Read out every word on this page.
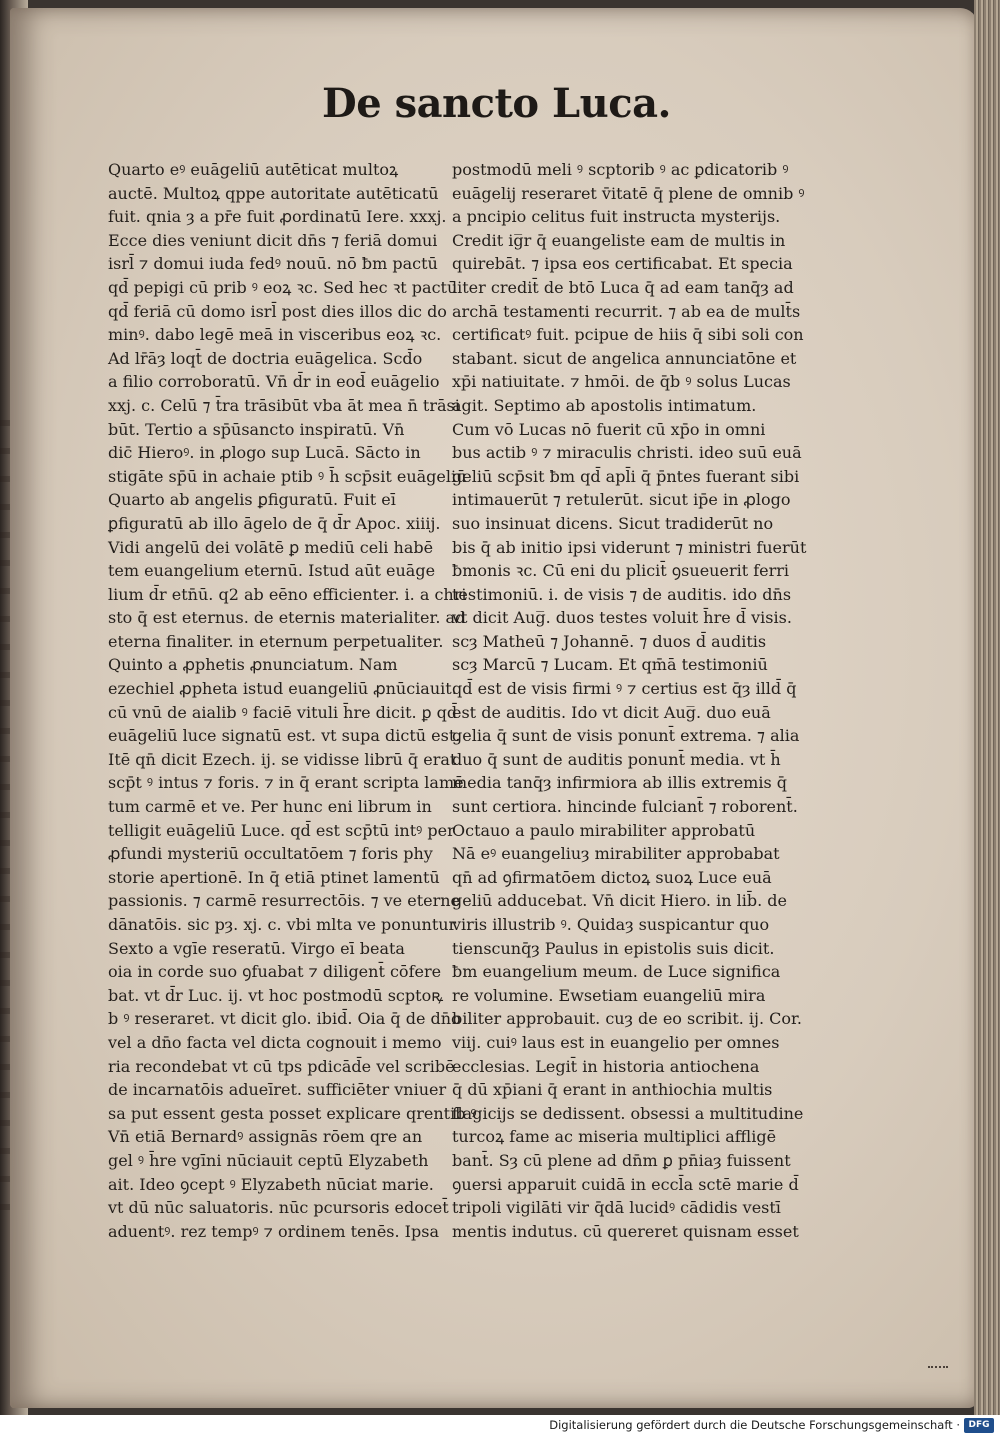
De sancto Luca.
Quarto eꝰ euāgeliū autēticat multoꝝ
auctē. Multoꝝ qppe autoritate autēticatū
fuit. qnia ȝ a pr̄e fuit ꝓordinatū Iere. xxxj.
Ecce dies veniunt dicit dn̄s ⁊ feriā domui
isrl̄ ⁊ domui iuda fedꝰ nouū. nō ƀm pactū
qd̄ pepigi cū prib ꝰ eoꝝ ꝛc. Sed hec ꝛt pactū
qd̄ feriā cū domo isrl̄ post dies illos dic do
minꝰ. dabo legē meā in visceribus eoꝝ ꝛc.
Ad lr̄āȝ loqt̄ de doctria euāgelica. Scd̄o
a filio corroboratū. Vn̄ d̄r in eod̄ euāgelio
xxj. c. Celū ⁊ t̄ra trāsibūt vba āt mea n̄ trāsi
būt. Tertio a sp̄ūsancto inspiratū. Vn̄
dic̄ Hieroꝰ. in ꝓlogo sup Lucā. Sācto in
stigāte sp̄ū in achaie ptib ꝰ h̄ scp̄sit euāgeliū
Quarto ab angelis ꝑfiguratū. Fuit eī
ꝑfiguratū ab illo āgelo de q̄ d̄r Apoc. xiiij.
Vidi angelū dei volātē ꝑ mediū celi habē
tem euangelium eternū. Istud aūt euāge
lium d̄r etn̄ū. q2 ab eēno efficienter. i. a chri
sto q̄ est eternus. de eternis materialiter. ad
eterna finaliter. in eternum perpetualiter.
Quinto a ꝓphetis ꝓnunciatum. Nam
ezechiel ꝓpheta istud euangeliū ꝓnūciauit.
cū vnū de aialib ꝰ faciē vituli h̄re dicit. ꝑ qd̄
euāgeliū luce signatū est. vt supa dictū est.
Itē qn̄ dicit Ezech. ij. se vidisse librū q̄ erat
scp̄t ꝰ intus ⁊ foris. ⁊ in q̄ erant scripta lamē
tum carmē et ve. Per hunc eni librum in
telligit euāgeliū Luce. qd̄ est scp̄tū intꝰ per
ꝓfundi mysteriū occultatōem ⁊ foris phy
storie apertionē. In q̄ etiā ptinet lamentū
passionis. ⁊ carmē resurrectōis. ⁊ ve eterne
dānatōis. sic pȝ. xj. c. vbi mlta ve ponuntur
Sexto a vgīe reseratū. Virgo eī beata
oia in corde suo ꝯfuabat ⁊ diligent̄ cōfere
bat. vt d̄r Luc. ij. vt hoc postmodū scptoꝶ
b ꝰ reseraret. vt dicit glo. ibid̄. Oia q̄ de dn̄o
vel a dn̄o facta vel dicta cognouit i memo
ria recondebat vt cū tps pdicād̄e vel scribē
de incarnatōis adueīret. sufficiēter vniuer
sa put essent gesta posset explicare qrentib ꝰ
Vn̄ etiā Bernardꝰ assignās rōem qre an
gel ꝰ h̄re vgīni nūciauit ceptū Elyzabeth
ait. Ideo ꝯcept ꝰ Elyzabeth nūciat marie.
vt dū nūc saluatoris. nūc pcursoris edocet̄
aduentꝰ. rez tempꝰ ⁊ ordinem tenēs. Ipsa
postmodū meli ꝰ scptorib ꝰ ac ꝑdicatorib ꝰ
euāgelij reseraret v̄itatē q̄ plene de omnib ꝰ
a pncipio celitus fuit instructa mysterijs.
Credit ig̅r q̄ euangeliste eam de multis in
quirebāt. ⁊ ipsa eos certificabat. Et specia
liter credit̄ de btō Luca q̄ ad eam tanq̄ȝ ad
archā testamenti recurrit. ⁊ ab ea de mult̄s
certificatꝰ fuit. pcipue de hiis q̄ sibi soli con
stabant. sicut de angelica annunciatōne et
xp̄i natiuitate. ⁊ hmōi. de q̄b ꝰ solus Lucas
agit. Septimo ab apostolis intimatum.
Cum vō Lucas nō fuerit cū xp̄o in omni
bus actib ꝰ ⁊ miraculis christi. ideo suū euā
geliū scp̄sit ƀm qd̄ apl̄i q̄ p̄ntes fuerant sibi
intimauerūt ⁊ retulerūt. sicut ip̄e in ꝓlogo
suo insinuat dicens. Sicut tradiderūt no
bis q̄ ab initio ipsi viderunt ⁊ ministri fuerūt
ƀmonis ꝛc. Cū eni du plicit̄ ꝯsueuerit ferri
testimoniū. i. de visis ⁊ de auditis. ido dn̄s
vt dicit Aug̅. duos testes voluit h̄re d̄ visis.
scȝ Matheū ⁊ Johannē. ⁊ duos d̄ auditis
scȝ Marcū ⁊ Lucam. Et qm̄ā testimoniū
qd̄ est de visis firmi ꝰ ⁊ certius est q̄ȝ illd̄ q̄
est de auditis. Ido vt dicit Aug̅. duo euā
gelia q̄ sunt de visis ponunt̄ extrema. ⁊ alia
duo q̄ sunt de auditis ponunt̄ media. vt h̄
media tanq̄ȝ infirmiora ab illis extremis q̄
sunt certiora. hincinde fulciant̄ ⁊ roborent̄.
Octauo a paulo mirabiliter approbatū
Nā eꝰ euangeliuȝ mirabiliter approbabat
qn̄ ad ꝯfirmatōem dictoꝝ suoꝝ Luce euā
geliū adducebat. Vn̄ dicit Hiero. in lib̄. de
viris illustrib ꝰ. Quidaȝ suspicantur quo
tienscunq̄ȝ Paulus in epistolis suis dicit.
ƀm euangelium meum. de Luce significa
re volumine. Ewsetiam euangeliū mira
biliter approbauit. cuȝ de eo scribit. ij. Cor.
viij. cuiꝰ laus est in euangelio per omnes
ecclesias. Legit̄ in historia antiochena
q̄ dū xp̄iani q̄ erant in anthiochia multis
flagicijs se dedissent. obsessi a multitudine
turcoꝝ fame ac miseria multiplici affligē
bant̄. Sȝ cū plene ad dn̄m ꝑ pn̄iaȝ fuissent
ꝯuersi apparuit cuidā in eccl̄a sctē marie d̄
tripoli vigilāti vir q̄dā lucidꝰ cādidis vestī
mentis indutus. cū quereret quisnam esset
Digitalisierung gefördert durch die Deutsche Forschungsgemeinschaft · DFG
